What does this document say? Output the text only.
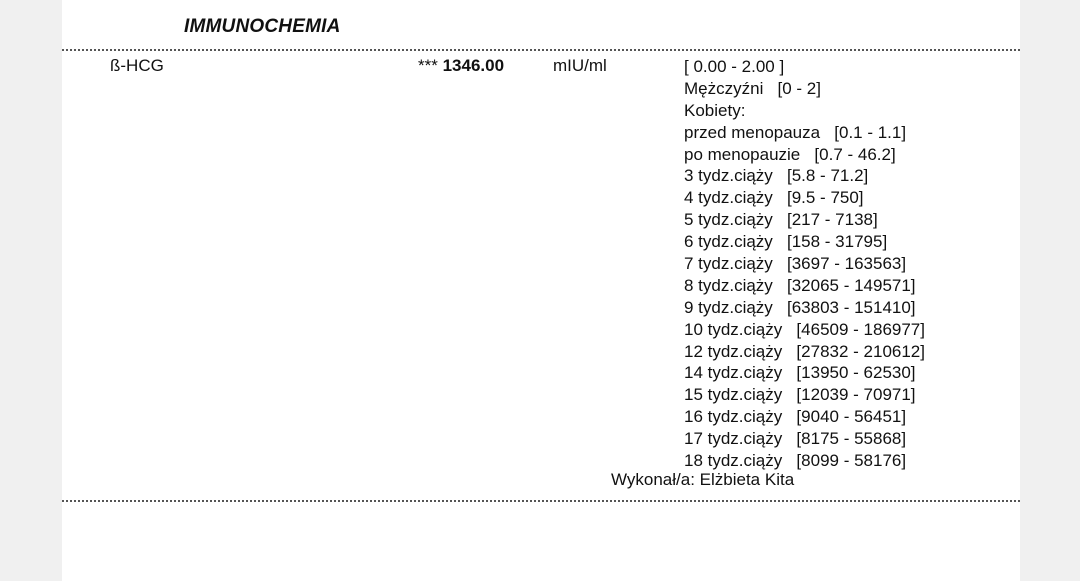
IMMUNOCHEMIA
ß-HCG	*** 1346.00	mIU/ml	[ 0.00 - 2.00 ]
Mężczyźni   [0 - 2]
Kobiety:
przed menopauza   [0.1 - 1.1]
po menopauzie   [0.7 - 46.2]
3 tydz.ciąży   [5.8 - 71.2]
4 tydz.ciąży   [9.5 - 750]
5 tydz.ciąży   [217 - 7138]
6 tydz.ciąży   [158 - 31795]
7 tydz.ciąży   [3697 - 163563]
8 tydz.ciąży   [32065 - 149571]
9 tydz.ciąży   [63803 - 151410]
10 tydz.ciąży   [46509 - 186977]
12 tydz.ciąży   [27832 - 210612]
14 tydz.ciąży   [13950 - 62530]
15 tydz.ciąży   [12039 - 70971]
16 tydz.ciąży   [9040 - 56451]
17 tydz.ciąży   [8175 - 55868]
18 tydz.ciąży   [8099 - 58176]
Wykonał/a: Elżbieta Kita
